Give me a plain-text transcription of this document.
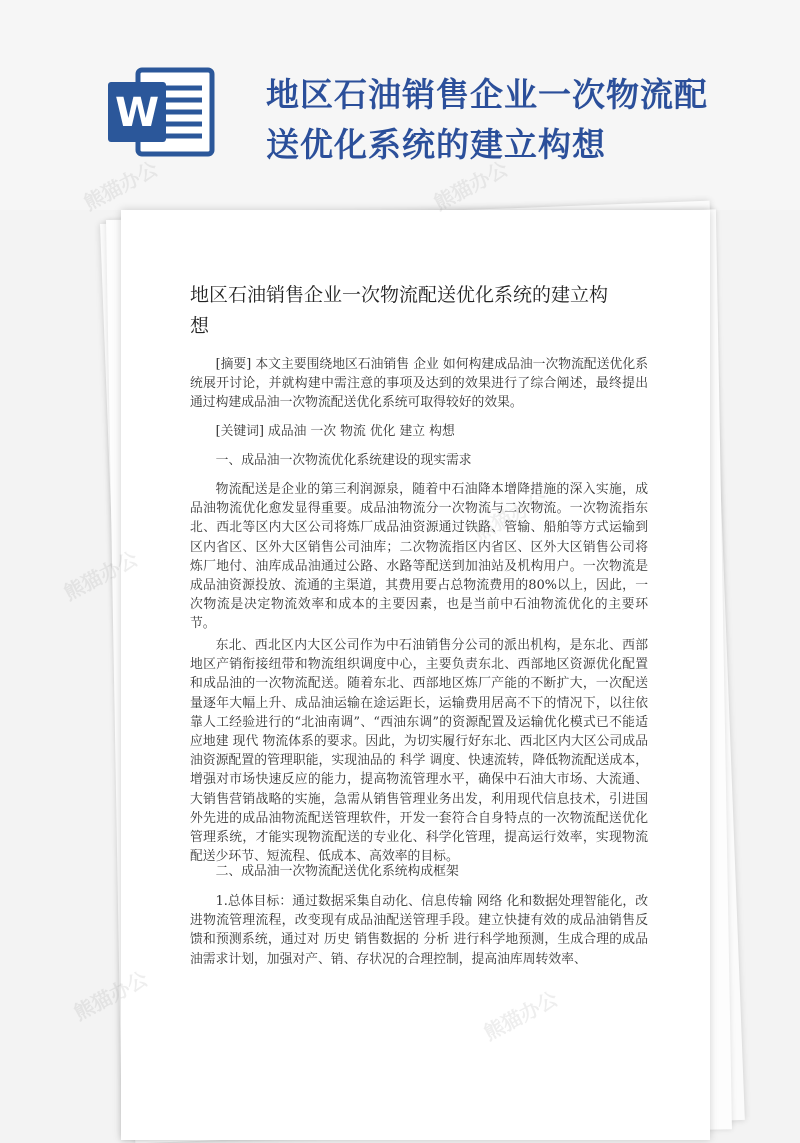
W	地区石油销售企业一次物流配
送优化系统的建立构想
地区石油销售企业一次物流配送优化系统的建立构
想

[摘要] 本文主要围绕地区石油销售 企业 如何构建成品油一次物流配送优化系统展开讨论，并就构建中需注意的事项及达到的效果进行了综合阐述，最终提出通过构建成品油一次物流配送优化系统可取得较好的效果。

[关键词] 成品油 一次 物流 优化 建立 构想

一、成品油一次物流优化系统建设的现实需求

物流配送是企业的第三利润源泉，随着中石油降本增降措施的深入实施，成品油物流优化愈发显得重要。成品油物流分一次物流与二次物流。一次物流指东北、西北等区内大区公司将炼厂成品油资源通过铁路、管输、船舶等方式运输到区内省区、区外大区销售公司油库；二次物流指区内省区、区外大区销售公司将炼厂地付、油库成品油通过公路、水路等配送到加油站及机构用户。一次物流是成品油资源投放、流通的主渠道，其费用要占总物流费用的80%以上，因此，一次物流是决定物流效率和成本的主要因素，也是当前中石油物流优化的主要环节。

东北、西北区内大区公司作为中石油销售分公司的派出机构，是东北、西部地区产销衔接纽带和物流组织调度中心，主要负责东北、西部地区资源优化配置和成品油的一次物流配送。随着东北、西部地区炼厂产能的不断扩大，一次配送量逐年大幅上升、成品油运输在途运距长，运输费用居高不下的情况下，以往依靠人工经验进行的“北油南调”、“西油东调”的资源配置及运输优化模式已不能适应地建 现代 物流体系的要求。因此，为切实履行好东北、西北区内大区公司成品油资源配置的管理职能，实现油品的 科学 调度、快速流转，降低物流配送成本，增强对市场快速反应的能力，提高物流管理水平，确保中石油大市场、大流通、大销售营销战略的实施，急需从销售管理业务出发，利用现代信息技术，引进国外先进的成品油物流配送管理软件，开发一套符合自身特点的一次物流配送优化管理系统，才能实现物流配送的专业化、科学化管理，提高运行效率，实现物流配送少环节、短流程、低成本、高效率的目标。

二、成品油一次物流配送优化系统构成框架

1.总体目标：通过数据采集自动化、信息传输 网络 化和数据处理智能化，改进物流管理流程，改变现有成品油配送管理手段。建立快捷有效的成品油销售反馈和预测系统，通过对 历史 销售数据的 分析 进行科学地预测，生成合理的成品油需求计划，加强对产、销、存状况的合理控制，提高油库周转效率、

熊猫办公
熊猫办公
